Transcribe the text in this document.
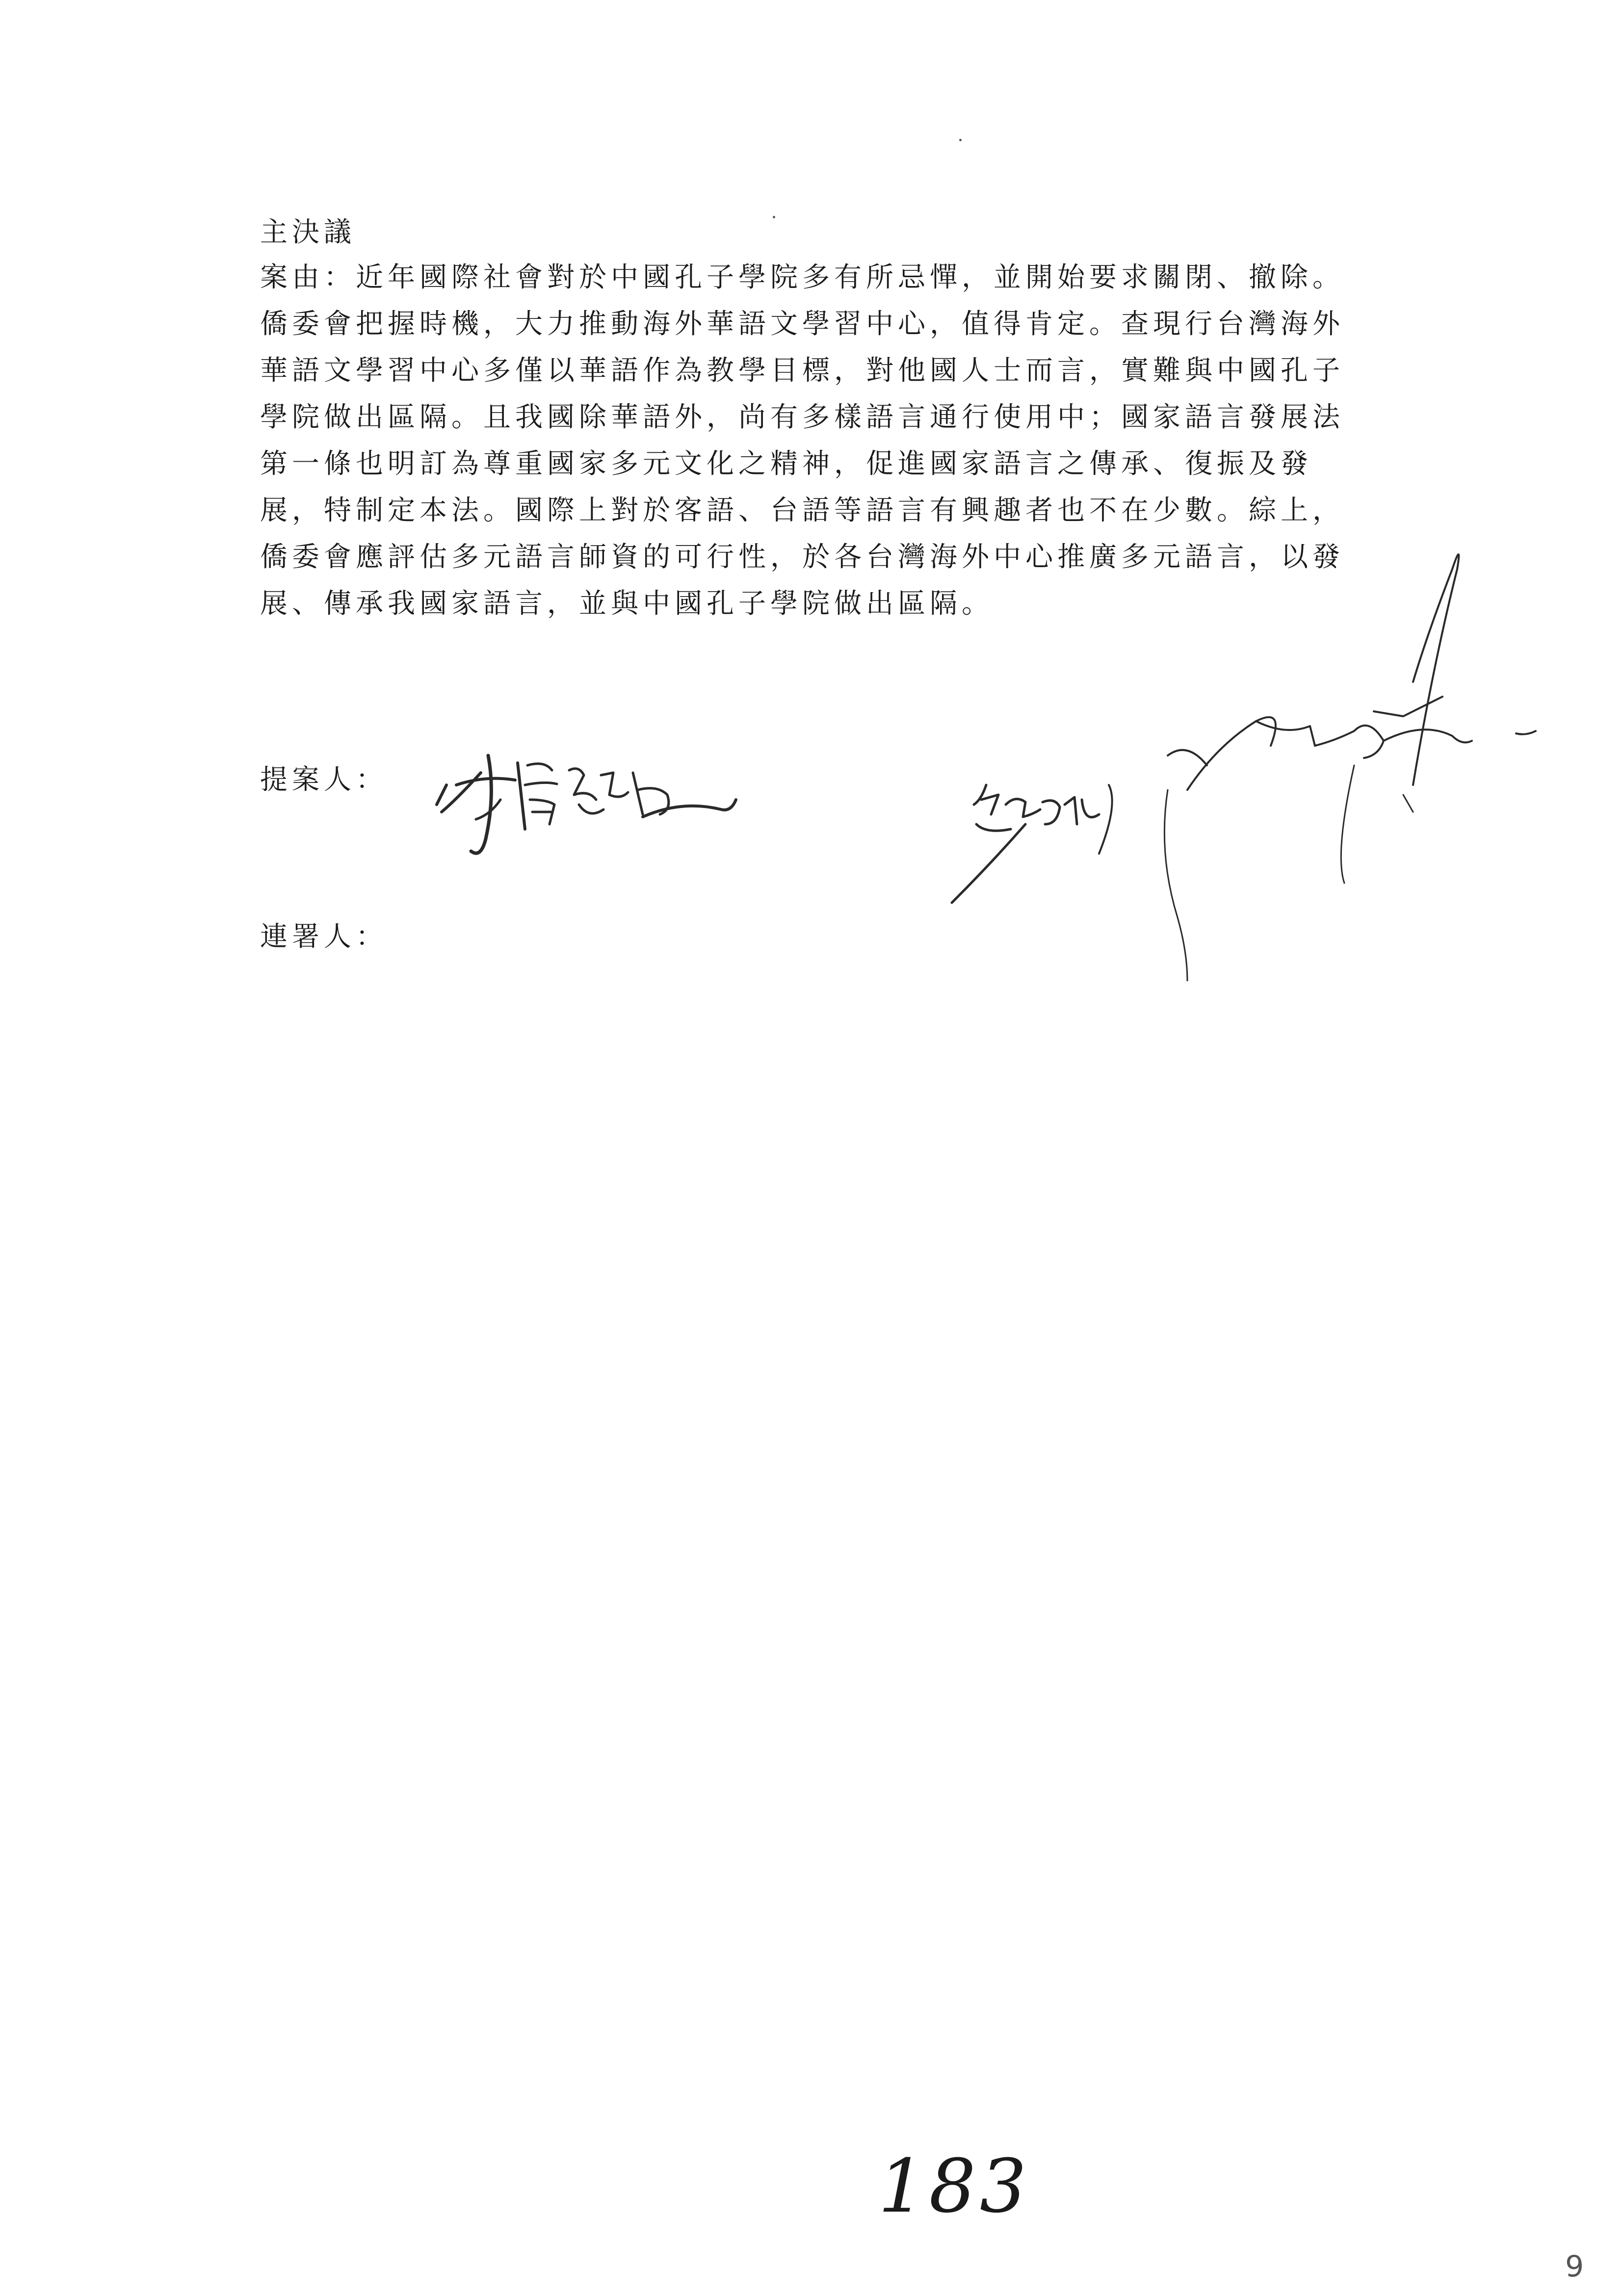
主決議
案由：近年國際社會對於中國孔子學院多有所忌憚，並開始要求關閉、撤除。
僑委會把握時機，大力推動海外華語文學習中心，值得肯定。查現行台灣海外
華語文學習中心多僅以華語作為教學目標，對他國人士而言，實難與中國孔子
學院做出區隔。且我國除華語外，尚有多樣語言通行使用中；國家語言發展法
第一條也明訂為尊重國家多元文化之精神，促進國家語言之傳承、復振及發
展，特制定本法。國際上對於客語、台語等語言有興趣者也不在少數。綜上，
僑委會應評估多元語言師資的可行性，於各台灣海外中心推廣多元語言，以發
展、傳承我國家語言，並與中國孔子學院做出區隔。
提案人：
連署人：
183
9
